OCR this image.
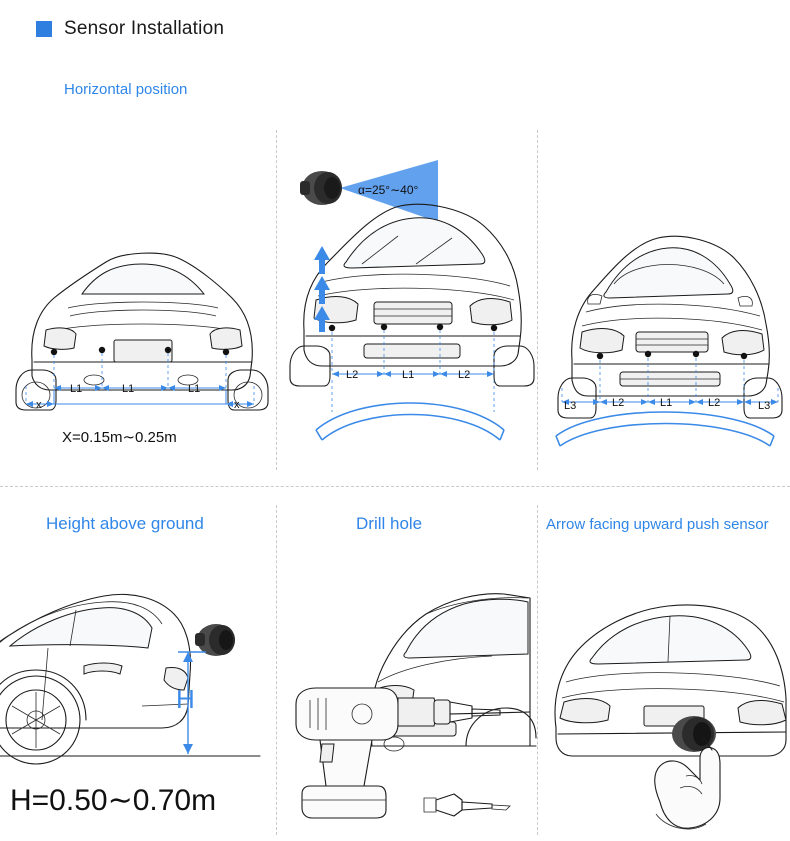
Sensor Installation
Horizontal position
L1	L1	L1
x	x
X=0.15m∼0.25m
α=25°∼40°
L2	L1	L2
L3	L2	L1	L2	L3
Height above ground	Drill hole	Arrow facing upward push sensor
H
H=0.50∼0.70m
